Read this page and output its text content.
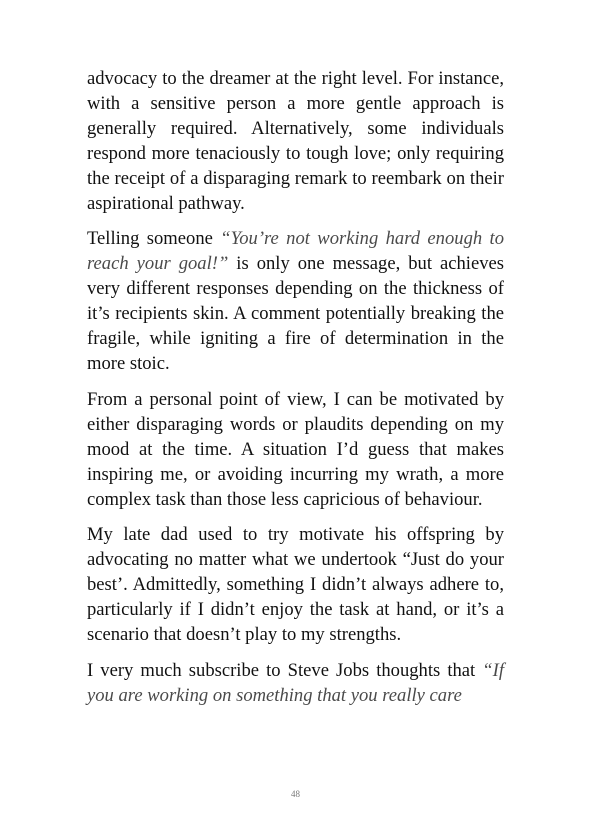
advocacy to the dreamer at the right level. For instance, with a sensitive person a more gentle approach is generally required. Alternatively, some individuals respond more tenaciously to tough love; only requiring the receipt of a disparaging remark to reembark on their aspirational pathway.

Telling someone “You’re not working hard enough to reach your goal!” is only one message, but achieves very different responses depending on the thickness of it’s recipients skin. A comment potentially breaking the fragile, while igniting a fire of determination in the more stoic.

From a personal point of view, I can be motivated by either disparaging words or plaudits depending on my mood at the time. A situation I’d guess that makes inspiring me, or avoiding incurring my wrath, a more complex task than those less capricious of behaviour.

My late dad used to try motivate his offspring by advocating no matter what we undertook “Just do your best’. Admittedly, something I didn’t always adhere to, particularly if I didn’t enjoy the task at hand, or it’s a scenario that doesn’t play to my strengths.

I very much subscribe to Steve Jobs thoughts that “If you are working on something that you really care

48
